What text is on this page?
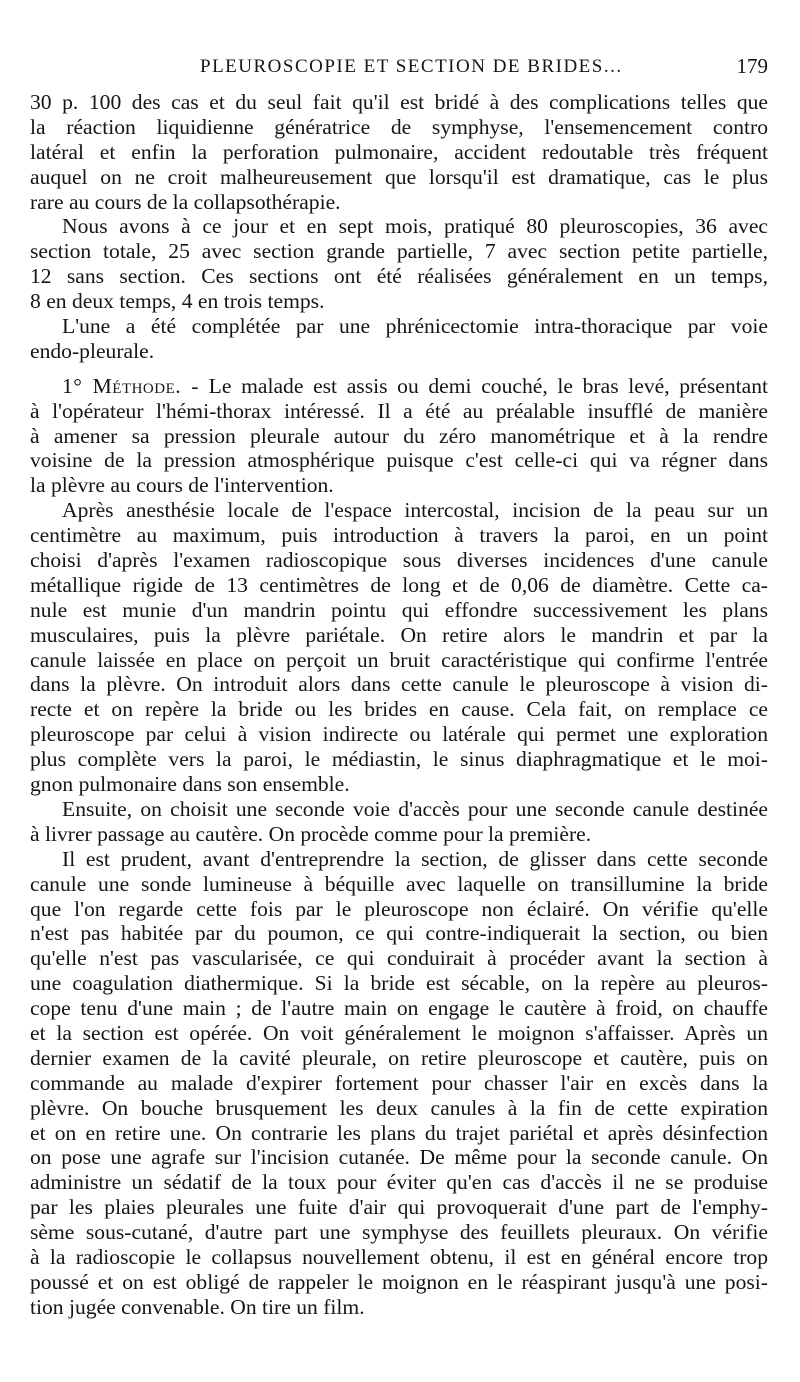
PLEUROSCOPIE ET SECTION DE BRIDES...	179
30 p. 100 des cas et du seul fait qu'il est bridé à des complications telles que
la réaction liquidienne génératrice de symphyse, l'ensemencement contro
latéral et enfin la perforation pulmonaire, accident redoutable très fréquent
auquel on ne croit malheureusement que lorsqu'il est dramatique, cas le plus
rare au cours de la collapsothérapie.
Nous avons à ce jour et en sept mois, pratiqué 80 pleuroscopies, 36 avec
section totale, 25 avec section grande partielle, 7 avec section petite partielle,
12 sans section. Ces sections ont été réalisées généralement en un temps,
8 en deux temps, 4 en trois temps.
L'une a été complétée par une phrénicectomie intra-thoracique par voie
endo-pleurale.
1° Méthode. - Le malade est assis ou demi couché, le bras levé, présentant
à l'opérateur l'hémi-thorax intéressé. Il a été au préalable insufflé de manière
à amener sa pression pleurale autour du zéro manométrique et à la rendre
voisine de la pression atmosphérique puisque c'est celle-ci qui va régner dans
la plèvre au cours de l'intervention.
Après anesthésie locale de l'espace intercostal, incision de la peau sur un
centimètre au maximum, puis introduction à travers la paroi, en un point
choisi d'après l'examen radioscopique sous diverses incidences d'une canule
métallique rigide de 13 centimètres de long et de 0,06 de diamètre. Cette ca-
nule est munie d'un mandrin pointu qui effondre successivement les plans
musculaires, puis la plèvre pariétale. On retire alors le mandrin et par la
canule laissée en place on perçoit un bruit caractéristique qui confirme l'entrée
dans la plèvre. On introduit alors dans cette canule le pleuroscope à vision di-
recte et on repère la bride ou les brides en cause. Cela fait, on remplace ce
pleuroscope par celui à vision indirecte ou latérale qui permet une exploration
plus complète vers la paroi, le médiastin, le sinus diaphragmatique et le moi-
gnon pulmonaire dans son ensemble.
Ensuite, on choisit une seconde voie d'accès pour une seconde canule destinée
à livrer passage au cautère. On procède comme pour la première.
Il est prudent, avant d'entreprendre la section, de glisser dans cette seconde
canule une sonde lumineuse à béquille avec laquelle on transillumine la bride
que l'on regarde cette fois par le pleuroscope non éclairé. On vérifie qu'elle
n'est pas habitée par du poumon, ce qui contre-indiquerait la section, ou bien
qu'elle n'est pas vascularisée, ce qui conduirait à procéder avant la section à
une coagulation diathermique. Si la bride est sécable, on la repère au pleuros-
cope tenu d'une main ; de l'autre main on engage le cautère à froid, on chauffe
et la section est opérée. On voit généralement le moignon s'affaisser. Après un
dernier examen de la cavité pleurale, on retire pleuroscope et cautère, puis on
commande au malade d'expirer fortement pour chasser l'air en excès dans la
plèvre. On bouche brusquement les deux canules à la fin de cette expiration
et on en retire une. On contrarie les plans du trajet pariétal et après désinfection
on pose une agrafe sur l'incision cutanée. De même pour la seconde canule. On
administre un sédatif de la toux pour éviter qu'en cas d'accès il ne se produise
par les plaies pleurales une fuite d'air qui provoquerait d'une part de l'emphy-
sème sous-cutané, d'autre part une symphyse des feuillets pleuraux. On vérifie
à la radioscopie le collapsus nouvellement obtenu, il est en général encore trop
poussé et on est obligé de rappeler le moignon en le réaspirant jusqu'à une posi-
tion jugée convenable. On tire un film.
